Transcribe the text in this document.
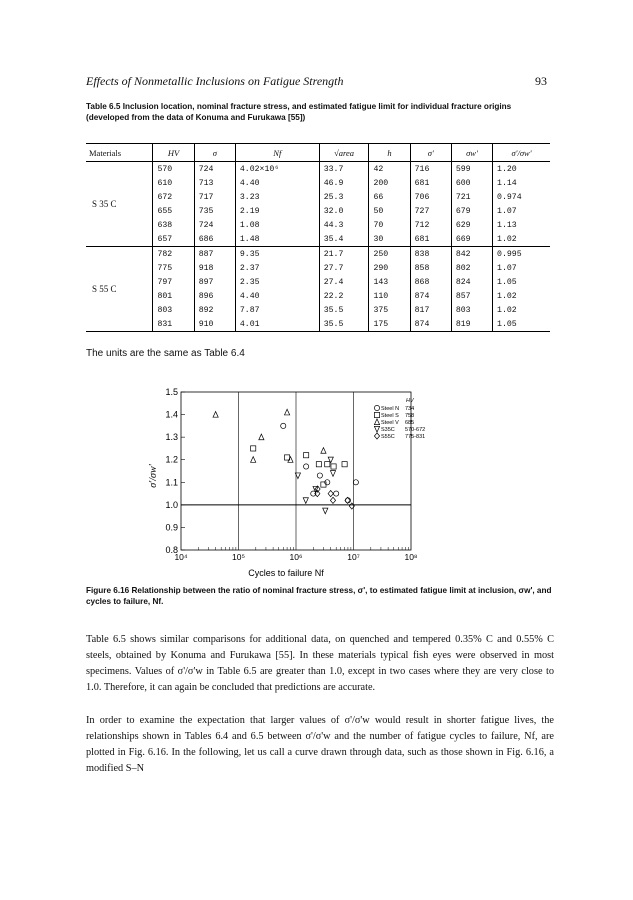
Effects of Nonmetallic Inclusions on Fatigue Strength	93
Table 6.5 Inclusion location, nominal fracture stress, and estimated fatigue limit for individual fracture origins (developed from the data of Konuma and Furukawa [55])
Materials	HV	σ	Nf	√area	h	σ'	σw'	σ'/σw'
S 35 C	570	724	4.02×10⁶	33.7	42	716	599	1.20
	610	713	4.40	46.9	200	681	600	1.14
	672	717	3.23	25.3	66	706	721	0.974
	655	735	2.19	32.0	50	727	679	1.07
	638	724	1.08	44.3	70	712	629	1.13
	657	686	1.48	35.4	30	681	669	1.02
S 55 C	782	887	9.35	21.7	250	838	842	0.995
	775	918	2.37	27.7	290	858	802	1.07
	797	897	2.35	27.4	143	868	824	1.05
	801	896	4.40	22.2	110	874	857	1.02
	803	892	7.87	35.5	375	817	803	1.02
	831	910	4.01	35.5	175	874	819	1.05
The units are the same as Table 6.4
0.8
0.9
1.0
1.1
1.2
1.3
1.4
1.5
10⁴	10⁵	10⁶	10⁷	10⁸
HV
Steel N 734
Steel S 758
Steel V 685
S35C 570-672
S55C 775-831
Cycles to failure Nf
σ'/σw'
Figure 6.16 Relationship between the ratio of nominal fracture stress, σ', to estimated fatigue limit at inclusion, σw', and cycles to failure, Nf.
Table 6.5 shows similar comparisons for additional data, on quenched and tempered 0.35% C and 0.55% C steels, obtained by Konuma and Furukawa [55]. In these materials typical fish eyes were observed in most specimens. Values of σ'/σ'w in Table 6.5 are greater than 1.0, except in two cases where they are very close to 1.0. Therefore, it can again be concluded that predictions are accurate.
In order to examine the expectation that larger values of σ'/σ'w would result in shorter fatigue lives, the relationships shown in Tables 6.4 and 6.5 between σ'/σ'w and the number of fatigue cycles to failure, Nf, are plotted in Fig. 6.16. In the following, let us call a curve drawn through data, such as those shown in Fig. 6.16, a modified S–N
